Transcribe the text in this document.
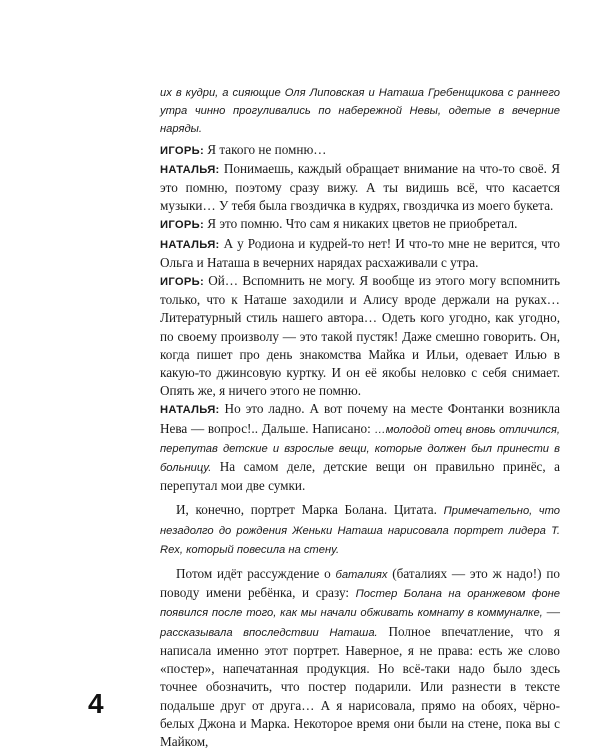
их в кудри, а сияющие Оля Липовская и Наташа Гребенщикова с раннего утра чинно прогуливались по набережной Невы, одетые в вечерние наряды.

ИГОРЬ: Я такого не помню…

НАТАЛЬЯ: Понимаешь, каждый обращает внимание на что-то своё. Я это помню, поэтому сразу вижу. А ты видишь всё, что касается музыки… У тебя была гвоздичка в кудрях, гвоздичка из моего букета.

ИГОРЬ: Я это помню. Что сам я никаких цветов не приобретал.

НАТАЛЬЯ: А у Родиона и кудрей-то нет! И что-то мне не верится, что Ольга и Наташа в вечерних нарядах расхаживали с утра.

ИГОРЬ: Ой… Вспомнить не могу. Я вообще из этого могу вспомнить только, что к Наташе заходили и Алису вроде держали на руках… Литературный стиль нашего автора… Одеть кого угодно, как угодно, по своему произволу — это такой пустяк! Даже смешно говорить. Он, когда пишет про день знакомства Майка и Ильи, одевает Илью в какую-то джинсовую куртку. И он её якобы неловко с себя снимает. Опять же, я ничего этого не помню.

НАТАЛЬЯ: Но это ладно. А вот почему на месте Фонтанки возникла Нева — вопрос!.. Дальше. Написано: …молодой отец вновь отличился, перепутав детские и взрослые вещи, которые должен был принести в больницу. На самом деле, детские вещи он правильно принёс, а перепутал мои две сумки.

И, конечно, портрет Марка Болана. Цитата. Примечательно, что незадолго до рождения Женьки Наташа нарисовала портрет лидера T. Rex, который повесила на стену.

Потом идёт рассуждение о баталиях (баталиях — это ж надо!) по поводу имени ребёнка, и сразу: Постер Болана на оранжевом фоне появился после того, как мы начали обживать комнату в коммуналке, — рассказывала впоследствии Наташа. Полное впечатление, что я написала именно этот портрет. Наверное, я не права: есть же слово «постер», напечатанная продукция. Но всё-таки надо было здесь точнее обозначить, что постер подарили. Или разнести в тексте подальше друг от друга… А я нарисовала, прямо на обоях, чёрно-белых Джона и Марка. Некоторое время они были на стене, пока вы с Майком,

4
